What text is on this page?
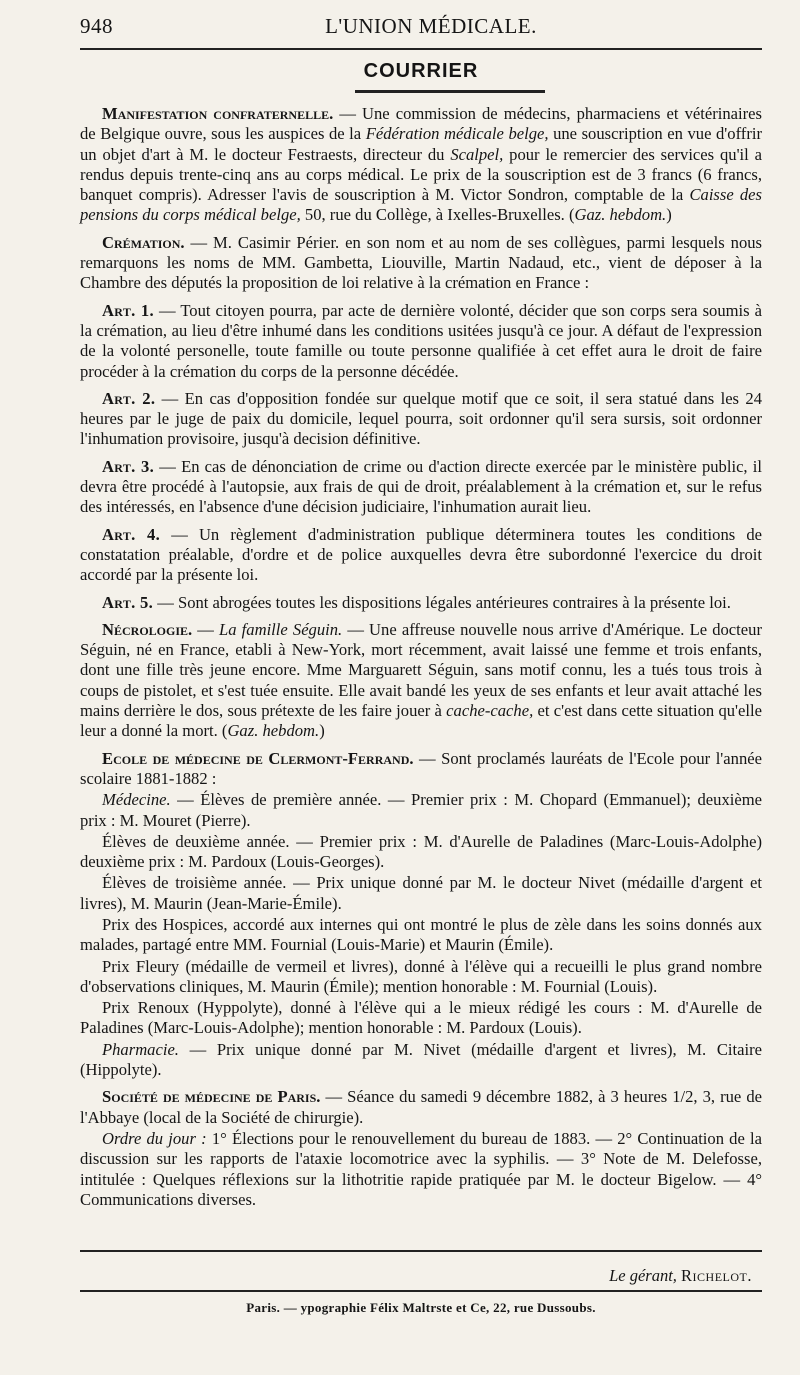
948	L'UNION MÉDICALE.
COURRIER

Manifestation confraternelle. — Une commission de médecins, pharmaciens et vétérinaires de Belgique ouvre, sous les auspices de la Fédération médicale belge, une souscription en vue d'offrir un objet d'art à M. le docteur Festraests, directeur du Scalpel, pour le remercier des services qu'il a rendus depuis trente-cinq ans au corps médical. Le prix de la souscription est de 3 francs (6 francs, banquet compris). Adresser l'avis de souscription à M. Victor Sondron, comptable de la Caisse des pensions du corps médical belge, 50, rue du Collège, à Ixelles-Bruxelles. (Gaz. hebdom.)

Crémation. — M. Casimir Périer. en son nom et au nom de ses collègues, parmi lesquels nous remarquons les noms de MM. Gambetta, Liouville, Martin Nadaud, etc., vient de déposer à la Chambre des députés la proposition de loi relative à la crémation en France :

Art. 1. — Tout citoyen pourra, par acte de dernière volonté, décider que son corps sera soumis à la crémation, au lieu d'être inhumé dans les conditions usitées jusqu'à ce jour. A défaut de l'expression de la volonté personelle, toute famille ou toute personne qualifiée à cet effet aura le droit de faire procéder à la crémation du corps de la personne décédée.

Art. 2. — En cas d'opposition fondée sur quelque motif que ce soit, il sera statué dans les 24 heures par le juge de paix du domicile, lequel pourra, soit ordonner qu'il sera sursis, soit ordonner l'inhumation provisoire, jusqu'à decision définitive.

Art. 3. — En cas de dénonciation de crime ou d'action directe exercée par le ministère public, il devra être procédé à l'autopsie, aux frais de qui de droit, préalablement à la crémation et, sur le refus des intéressés, en l'absence d'une décision judiciaire, l'inhumation aurait lieu.

Art. 4. — Un règlement d'administration publique déterminera toutes les conditions de constatation préalable, d'ordre et de police auxquelles devra être subordonné l'exercice du droit accordé par la présente loi.

Art. 5. — Sont abrogées toutes les dispositions légales antérieures contraires à la présente loi.

Nécrologie. — La famille Séguin. — Une affreuse nouvelle nous arrive d'Amérique. Le docteur Séguin, né en France, etabli à New-York, mort récemment, avait laissé une femme et trois enfants, dont une fille très jeune encore. Mme Marguarett Séguin, sans motif connu, les a tués tous trois à coups de pistolet, et s'est tuée ensuite. Elle avait bandé les yeux de ses enfants et leur avait attaché les mains derrière le dos, sous prétexte de les faire jouer à cache-cache, et c'est dans cette situation qu'elle leur a donné la mort. (Gaz. hebdom.)

Ecole de médecine de Clermont-Ferrand. — Sont proclamés lauréats de l'Ecole pour l'année scolaire 1881-1882 :

Médecine. — Élèves de première année. — Premier prix : M. Chopard (Emmanuel); deuxième prix : M. Mouret (Pierre).

Élèves de deuxième année. — Premier prix : M. d'Aurelle de Paladines (Marc-Louis-Adolphe) deuxième prix : M. Pardoux (Louis-Georges).

Élèves de troisième année. — Prix unique donné par M. le docteur Nivet (médaille d'argent et livres), M. Maurin (Jean-Marie-Émile).

Prix des Hospices, accordé aux internes qui ont montré le plus de zèle dans les soins donnés aux malades, partagé entre MM. Fournial (Louis-Marie) et Maurin (Émile).

Prix Fleury (médaille de vermeil et livres), donné à l'élève qui a recueilli le plus grand nombre d'observations cliniques, M. Maurin (Émile); mention honorable : M. Fournial (Louis).

Prix Renoux (Hyppolyte), donné à l'élève qui a le mieux rédigé les cours : M. d'Aurelle de Paladines (Marc-Louis-Adolphe); mention honorable : M. Pardoux (Louis).

Pharmacie. — Prix unique donné par M. Nivet (médaille d'argent et livres), M. Citaire (Hippolyte).

Société de médecine de Paris. — Séance du samedi 9 décembre 1882, à 3 heures 1/2, 3, rue de l'Abbaye (local de la Société de chirurgie).

Ordre du jour : 1° Élections pour le renouvellement du bureau de 1883. — 2° Continuation de la discussion sur les rapports de l'ataxie locomotrice avec la syphilis. — 3° Note de M. Delefosse, intitulée : Quelques réflexions sur la lithotritie rapide pratiquée par M. le docteur Bigelow. — 4° Communications diverses.

Le gérant, Richelot.
Paris. — ypographie Félix Maltrste et Ce, 22, rue Dussoubs.
